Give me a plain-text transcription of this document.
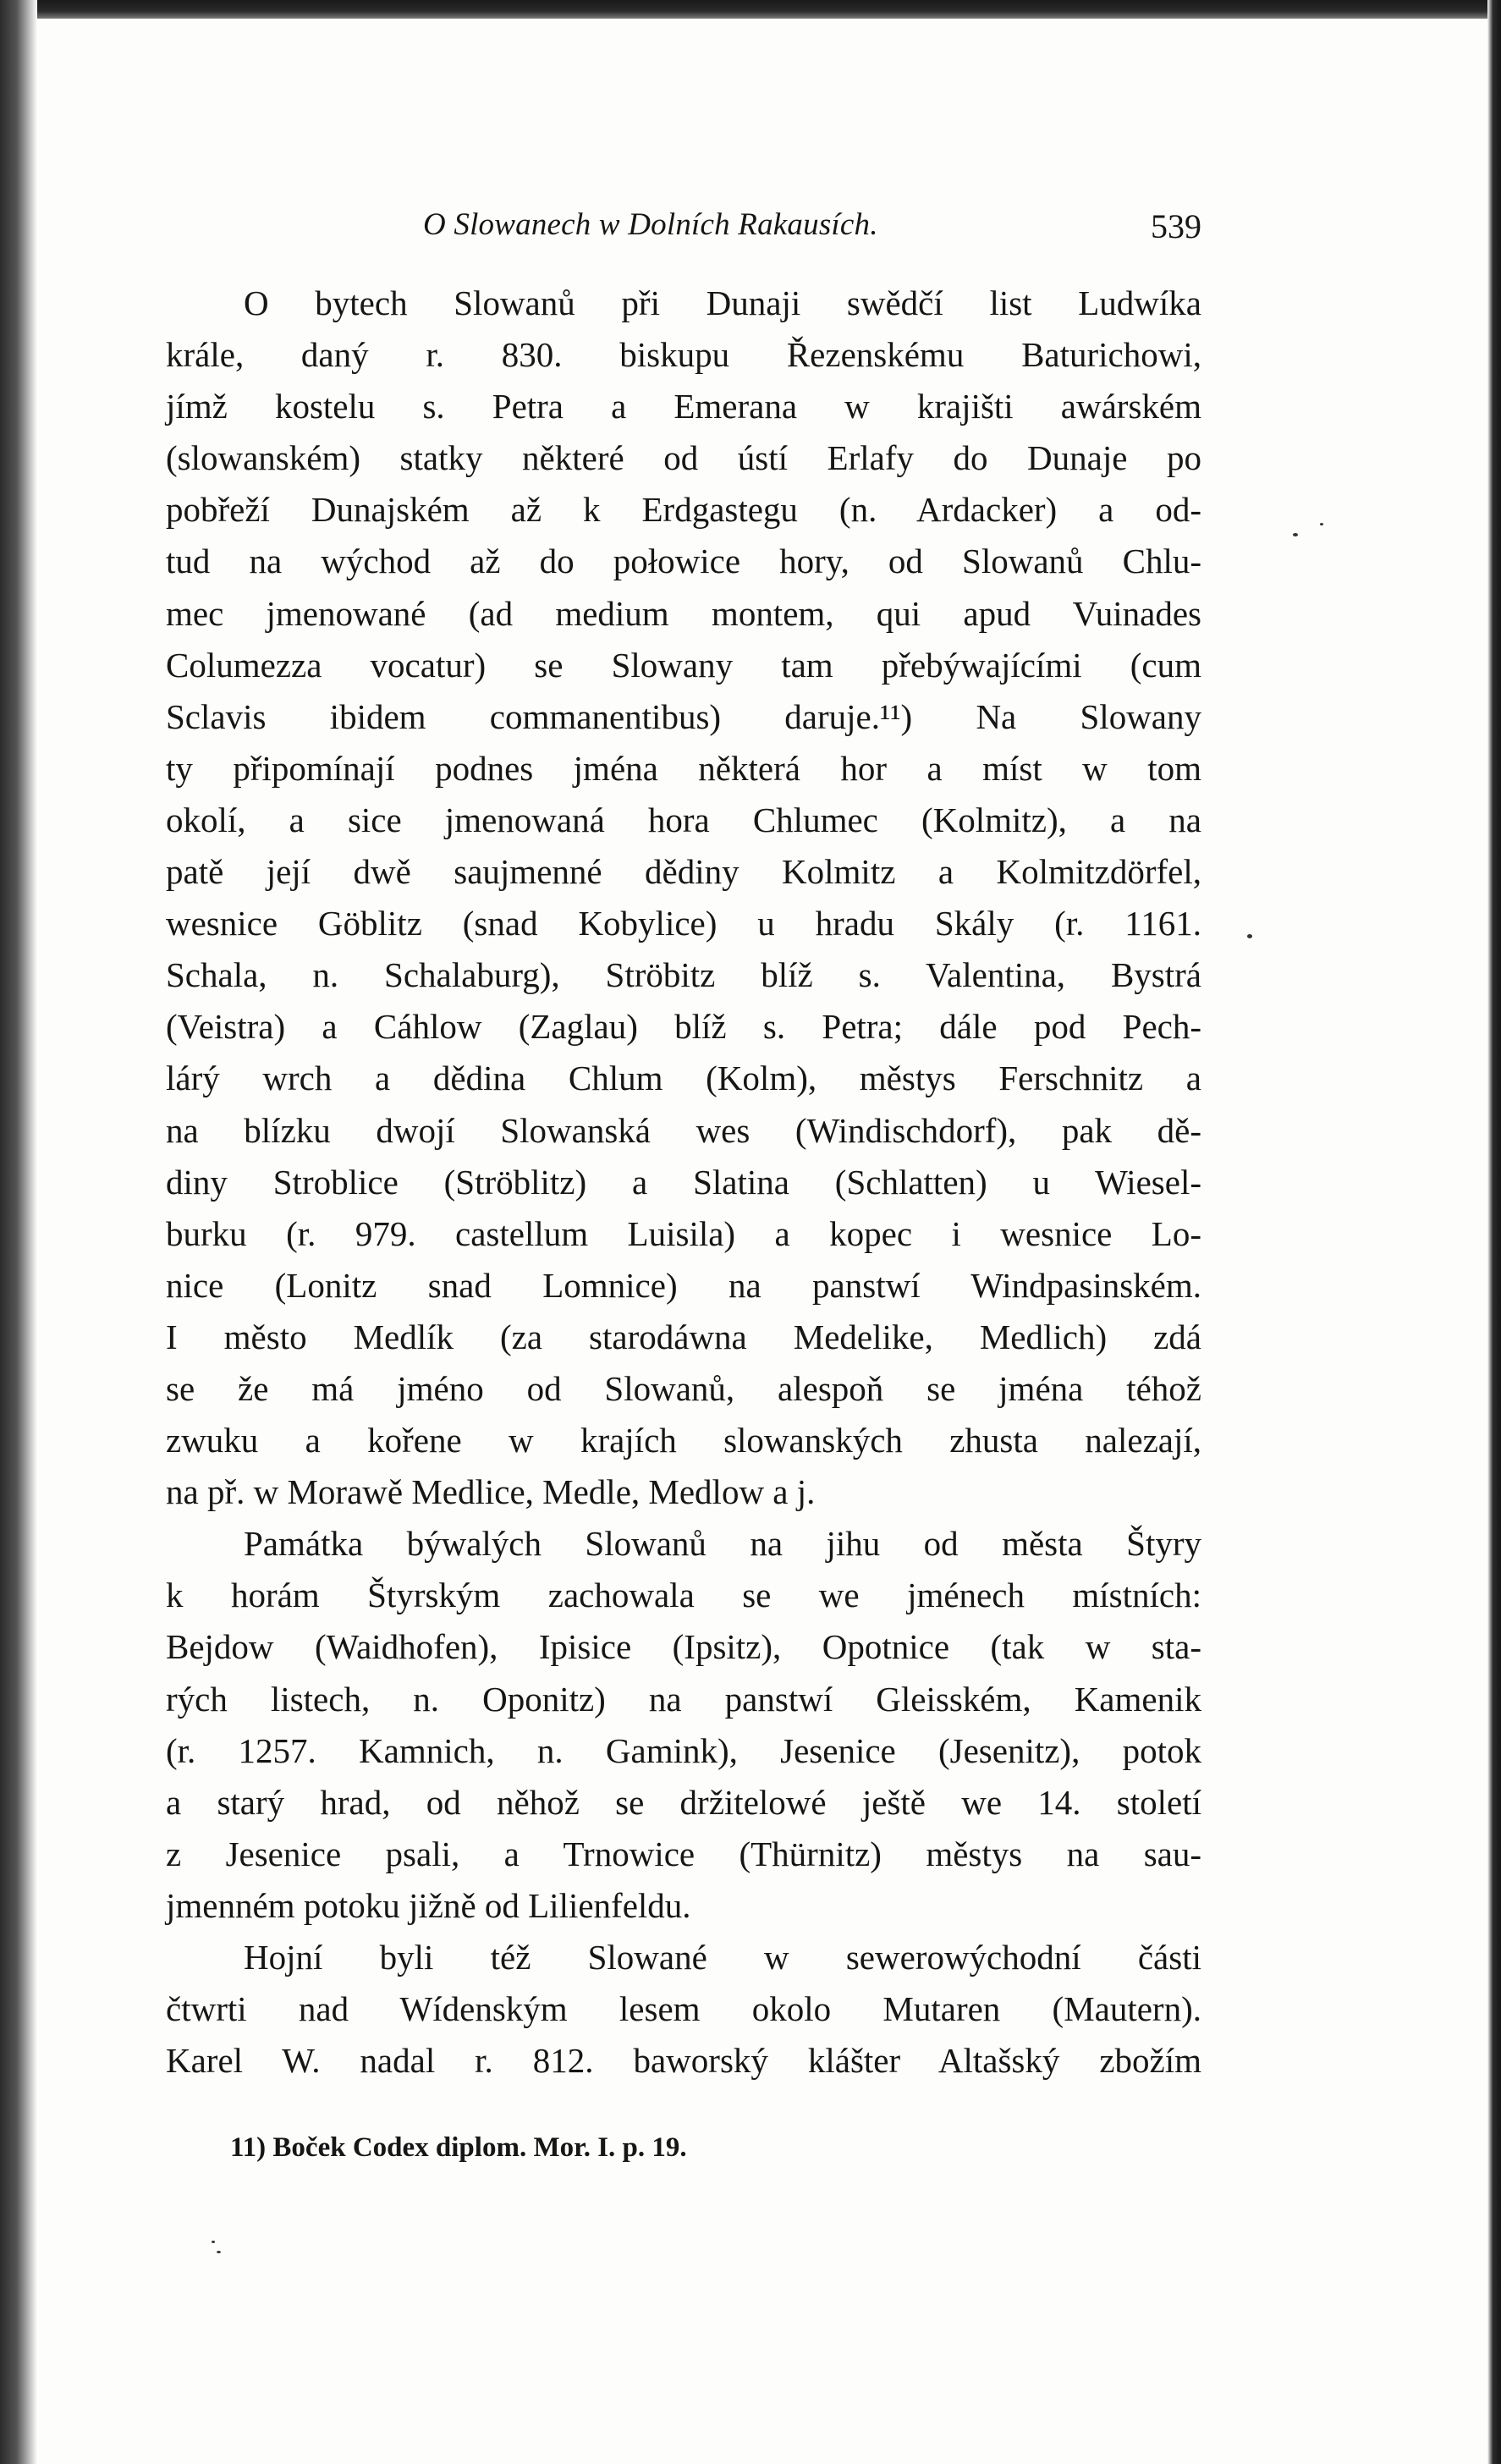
O Slowanech w Dolních Rakausích.	539
O bytech Slowanů při Dunaji swědčí list Ludwíka
krále, daný r. 830. biskupu Řezenskému Baturichowi,
jímž kostelu s. Petra a Emerana w krajišti awárském
(slowanském) statky některé od ústí Erlafy do Dunaje po
pobřeží Dunajském až k Erdgastegu (n. Ardacker) a od-
tud na wýchod až do połowice hory, od Slowanů Chlu-
mec jmenowané (ad medium montem, qui apud Vuinades
Columezza vocatur) se Slowany tam přebýwajícími (cum
Sclavis ibidem commanentibus) daruje.¹¹) Na Slowany
ty připomínají podnes jména některá hor a míst w tom
okolí, a sice jmenowaná hora Chlumec (Kolmitz), a na
patě její dwě saujmenné dědiny Kolmitz a Kolmitzdörfel,
wesnice Göblitz (snad Kobylice) u hradu Skály (r. 1161.
Schala, n. Schalaburg), Ströbitz blíž s. Valentina, Bystrá
(Veistra) a Cáhlow (Zaglau) blíž s. Petra; dále pod Pech-
lárý wrch a dědina Chlum (Kolm), městys Ferschnitz a
na blízku dwojí Slowanská wes (Windischdorf), pak dě-
diny Stroblice (Ströblitz) a Slatina (Schlatten) u Wiesel-
burku (r. 979. castellum Luisila) a kopec i wesnice Lo-
nice (Lonitz snad Lomnice) na panstwí Windpasinském.
I město Medlík (za starodáwna Medelike, Medlich) zdá
se že má jméno od Slowanů, alespoň se jména téhož
zwuku a kořene w krajích slowanských zhusta nalezají,
na př. w Morawě Medlice, Medle, Medlow a j.
Památka býwalých Slowanů na jihu od města Štyry
k horám Štyrským zachowala se we jménech místních:
Bejdow (Waidhofen), Ipisice (Ipsitz), Opotnice (tak w sta-
rých listech, n. Oponitz) na panstwí Gleisském, Kamenik
(r. 1257. Kamnich, n. Gamink), Jesenice (Jesenitz), potok
a starý hrad, od něhož se držitelowé ještě we 14. století
z Jesenice psali, a Trnowice (Thürnitz) městys na sau-
jmenném potoku jižně od Lilienfeldu.
Hojní byli též Slowané w sewerowýchodní části
čtwrti nad Wídenským lesem okolo Mutaren (Mautern).
Karel W. nadal r. 812. baworský klášter Altašský zbožím
11) Boček Codex diplom. Mor. I. p. 19.
